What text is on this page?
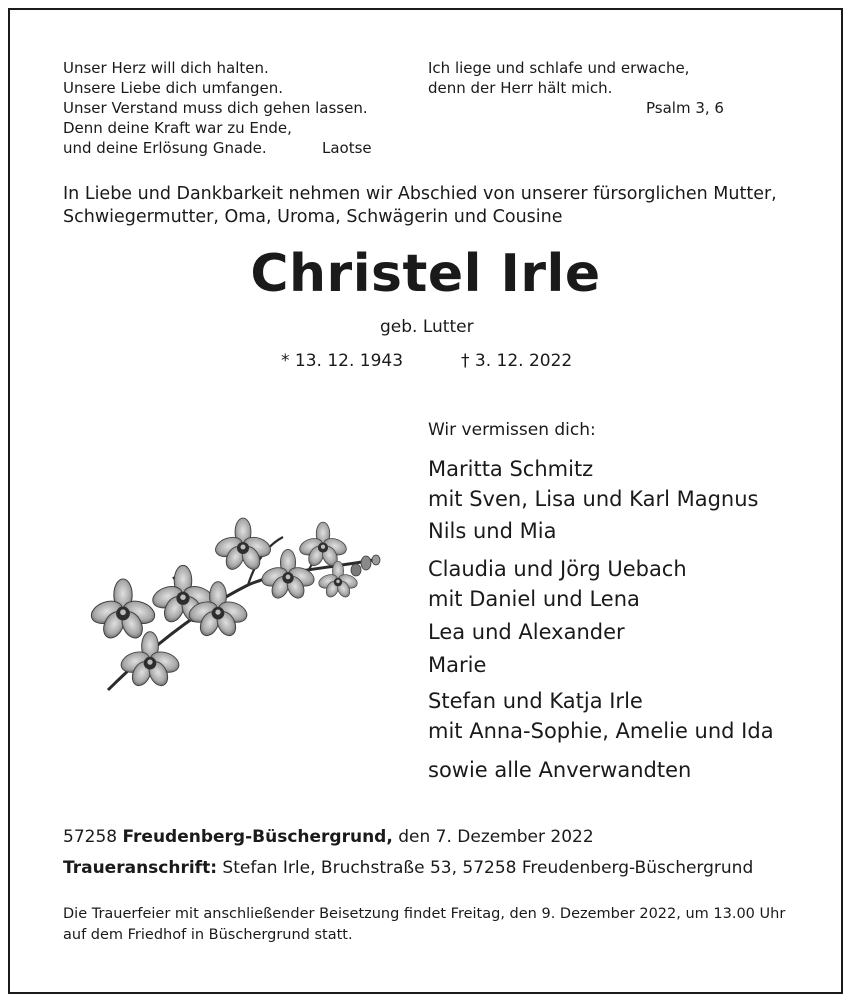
Unser Herz will dich halten.
Unsere Liebe dich umfangen.
Unser Verstand muss dich gehen lassen.
Denn deine Kraft war zu Ende,
und deine Erlösung Gnade.	Laotse
Ich liege und schlafe und erwache,
denn der Herr hält mich.
Psalm 3, 6
In Liebe und Dankbarkeit nehmen wir Abschied von unserer fürsorglichen Mutter,
Schwiegermutter, Oma, Uroma, Schwägerin und Cousine
Christel Irle
geb. Lutter
* 13. 12. 1943	† 3. 12. 2022
Wir vermissen dich:
Maritta Schmitz
mit Sven, Lisa und Karl Magnus
Nils und Mia
Claudia und Jörg Uebach
mit Daniel und Lena
Lea und Alexander
Marie
Stefan und Katja Irle
mit Anna-Sophie, Amelie und Ida
sowie alle Anverwandten
57258 Freudenberg-Büschergrund, den 7. Dezember 2022
Traueranschrift: Stefan Irle, Bruchstraße 53, 57258 Freudenberg-Büschergrund
Die Trauerfeier mit anschließender Beisetzung findet Freitag, den 9. Dezember 2022, um 13.00 Uhr
auf dem Friedhof in Büschergrund statt.
